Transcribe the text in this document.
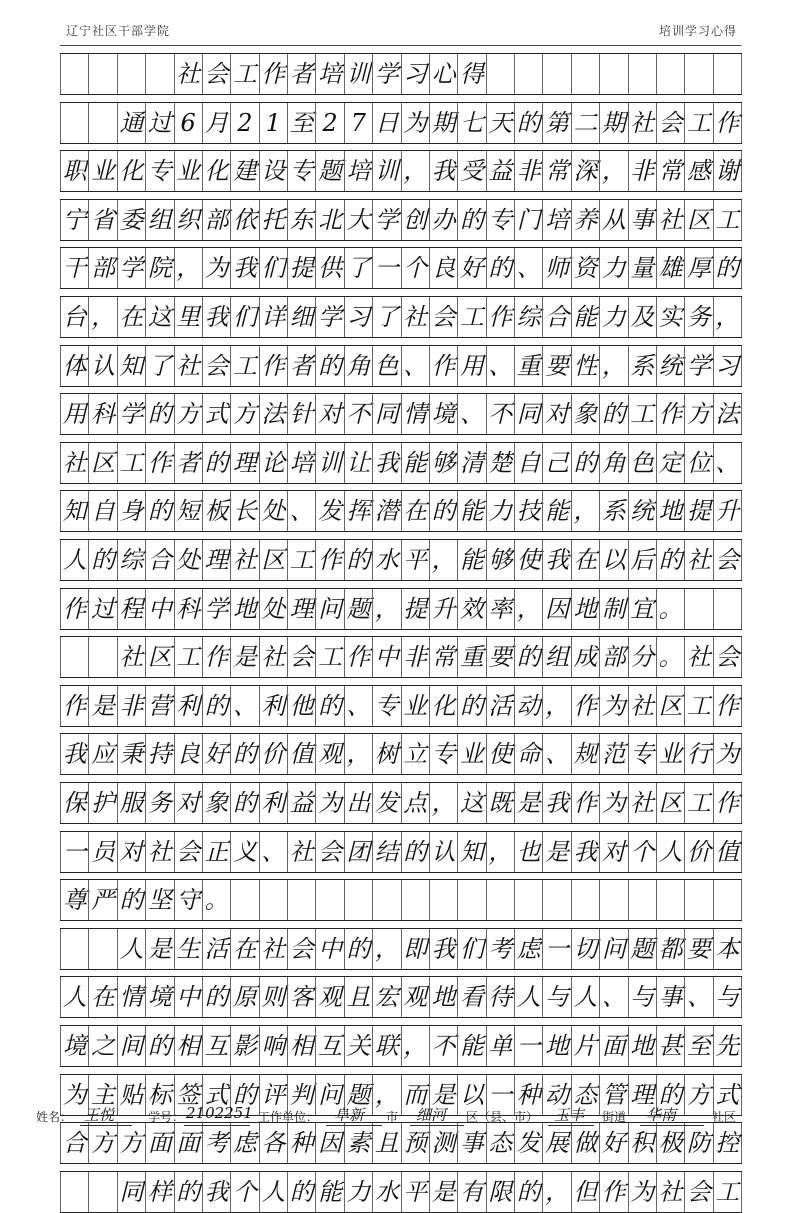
辽宁社区干部学院	培训学习心得
社 会 工 作 者 培 训 学 习 心 得
通 过 6 月 2 1 至 2 7 日 为 期 七 天 的 第 二 期 社 会 工 作
职 业 化 专 业 化 建 设 专 题 培 训 ， 我 受 益 非 常 深 ， 非 常 感 谢
宁 省 委 组 织 部 依 托 东 北 大 学 创 办 的 专 门 培 养 从 事 社 区 工
干 部 学 院 ， 为 我 们 提 供 了 一 个 良 好 的 、 师 资 力 量 雄 厚 的
台 ， 在 这 里 我 们 详 细 学 习 了 社 会 工 作 综 合 能 力 及 实 务 ，
体 认 知 了 社 会 工 作 者 的 角 色 、 作 用 、 重 要 性 ， 系 统 学 习
用 科 学 的 方 式 方 法 针 对 不 同 情 境 、 不 同 对 象 的 工 作 方 法
社 区 工 作 者 的 理 论 培 训 让 我 能 够 清 楚 自 己 的 角 色 定 位 、
知 自 身 的 短 板 长 处 、 发 挥 潜 在 的 能 力 技 能 ， 系 统 地 提 升
人 的 综 合 处 理 社 区 工 作 的 水 平 ， 能 够 使 我 在 以 后 的 社 会
作 过 程 中 科 学 地 处 理 问 题 ， 提 升 效 率 ， 因 地 制 宜 。
社 区 工 作 是 社 会 工 作 中 非 常 重 要 的 组 成 部 分 。 社 会
作 是 非 营 利 的 、 利 他 的 、 专 业 化 的 活 动 ， 作 为 社 区 工 作
我 应 秉 持 良 好 的 价 值 观 ， 树 立 专 业 使 命 、 规 范 专 业 行 为
保 护 服 务 对 象 的 利 益 为 出 发 点 ， 这 既 是 我 作 为 社 区 工 作
一 员 对 社 会 正 义 、 社 会 团 结 的 认 知 ， 也 是 我 对 个 人 价 值
尊 严 的 坚 守 。
人 是 生 活 在 社 会 中 的 ， 即 我 们 考 虑 一 切 问 题 都 要 本
人 在 情 境 中 的 原 则 客 观 且 宏 观 地 看 待 人 与 人 、 与 事 、 与
境 之 间 的 相 互 影 响 相 互 关 联 ， 不 能 单 一 地 片 面 地 甚 至 先
为 主 贴 标 签 式 的 评 判 问 题 ， 而 是 以 一 种 动 态 管 理 的 方 式
合 方 方 面 面 考 虑 各 种 因 素 且 预 测 事 态 发 展 做 好 积 极 防 控
同 样 的 我 个 人 的 能 力 水 平 是 有 限 的 ， 但 作 为 社 会 工
姓名： 王悦	学号： 2102251 工作单位： 阜新 市 细河 区（县、市） 玉丰 街道 华南	社区
